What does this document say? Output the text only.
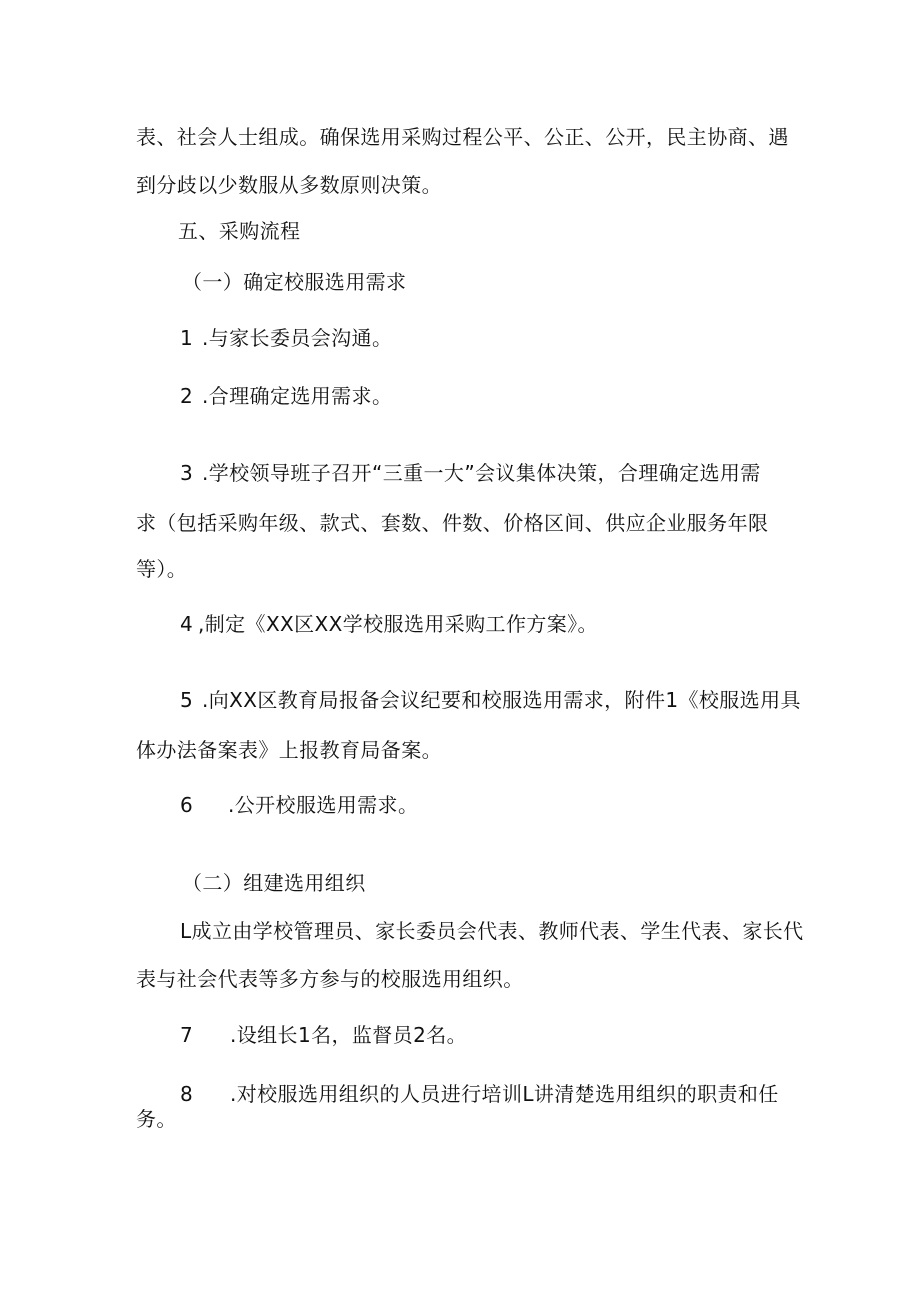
表、社会人士组成。确保选用采购过程公平、公正、公开，民主协商、遇
到分歧以少数服从多数原则决策。
五、采购流程
（一）确定校服选用需求
1 .与家长委员会沟通。
2 .合理确定选用需求。
3 .学校领导班子召开“三重一大”会议集体决策，合理确定选用需
求（包括采购年级、款式、套数、件数、价格区间、供应企业服务年限
等）。
4 ,制定《XX区XX学校服选用采购工作方案》。
5 .向XX区教育局报备会议纪要和校服选用需求，附件1《校服选用具
体办法备案表》上报教育局备案。
6 .公开校服选用需求。
（二）组建选用组织
L成立由学校管理员、家长委员会代表、教师代表、学生代表、家长代
表与社会代表等多方参与的校服选用组织。
7 .设组长1名，监督员2名。
8 .对校服选用组织的人员进行培训L讲清楚选用组织的职责和任
务。
